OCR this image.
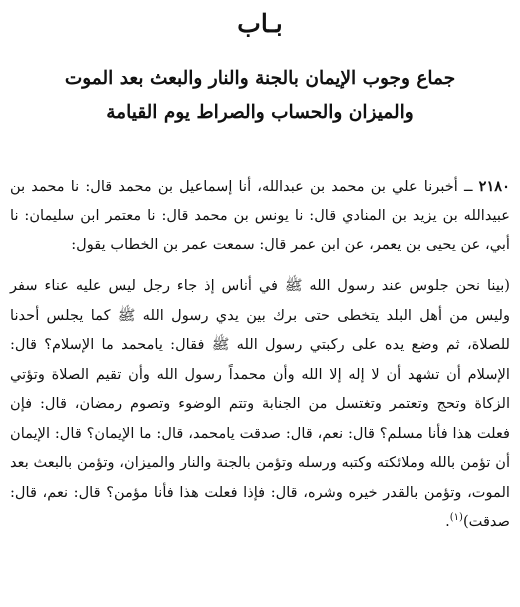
بـاب
جماع وجوب الإيمان بالجنة والنار والبعث بعد الموت
والميزان والحساب والصراط يوم القيامة
٢١٨٠ ــ أخبرنا علي بن محمد بن عبدالله، أنا إسماعيل بن محمد قال: نا محمد بن عبيدالله بن يزيد بن المنادي قال: نا يونس بن محمد قال: نا معتمر ابن سليمان: نا أبي، عن يحيى بن يعمر، عن ابن عمر قال: سمعت عمر بن الخطاب يقول:
(بينا نحن جلوس عند رسول الله ﷺ في أناس إذ جاء رجل ليس عليه عناء سفر وليس من أهل البلد يتخطى حتى برك بين يدي رسول الله ﷺ كما يجلس أحدنا للصلاة، ثم وضع يده على ركبتي رسول الله ﷺ فقال: يامحمد ما الإسلام؟ قال: الإسلام أن تشهد أن لا إله إلا الله وأن محمداً رسول الله وأن تقيم الصلاة وتؤتي الزكاة وتحج وتعتمر وتغتسل من الجنابة وتتم الوضوء وتصوم رمضان، قال: فإن فعلت هذا فأنا مسلم؟ قال: نعم، قال: صدقت يامحمد، قال: ما الإيمان؟ قال: الإيمان أن تؤمن بالله وملائكته وكتبه ورسله وتؤمن بالجنة والنار والميزان، وتؤمن بالبعث بعد الموت، وتؤمن بالقدر خيره وشره، قال: فإذا فعلت هذا فأنا مؤمن؟ قال: نعم، قال: صدقت)$^{(١)}$.
